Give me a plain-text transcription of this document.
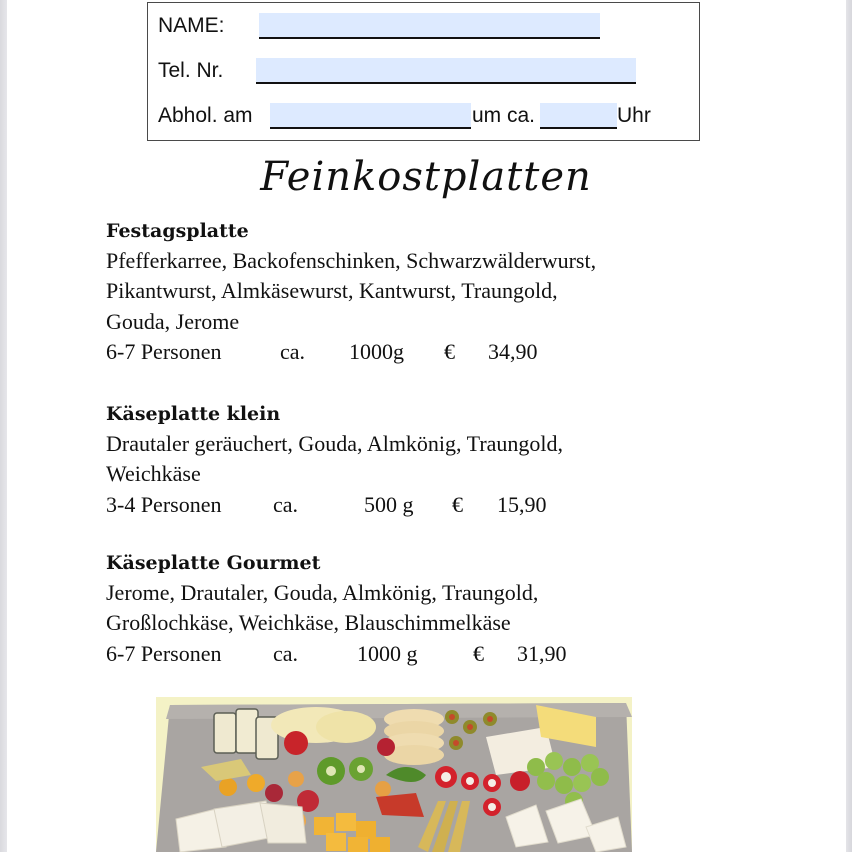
NAME:
Tel. Nr.
Abhol. am	um ca.	Uhr
Feinkostplatten
Festagsplatte
Pfefferkarree, Backofenschinken, Schwarzwälderwurst,
Pikantwurst, Almkäsewurst, Kantwurst, Traungold,
Gouda, Jerome
6-7 Personen	ca. 1000g € 34,90
Käseplatte klein
Drautaler geräuchert, Gouda, Almkönig, Traungold,
Weichkäse
3-4 Personen ca.	500 g € 15,90
Käseplatte Gourmet
Jerome, Drautaler, Gouda, Almkönig, Traungold,
Großlochkäse, Weichkäse, Blauschimmelkäse
6-7 Personen ca.	1000 g	€ 31,90
